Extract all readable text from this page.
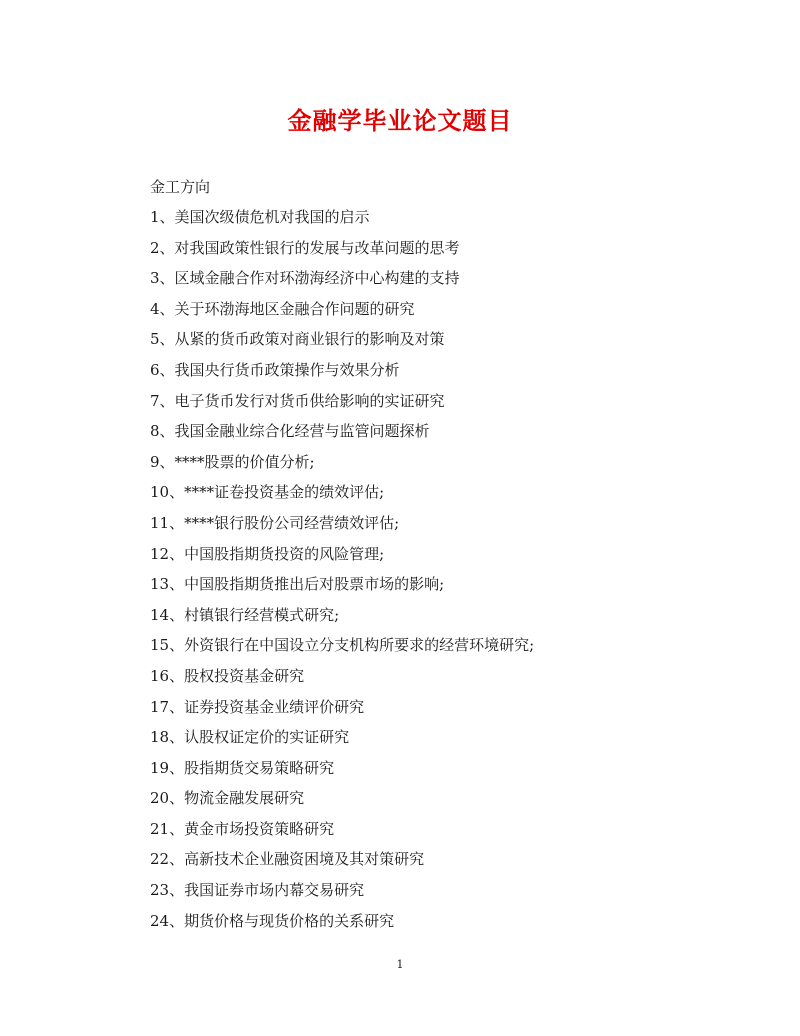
金融学毕业论文题目

金工方向

1、美国次级债危机对我国的启示
2、对我国政策性银行的发展与改革问题的思考
3、区域金融合作对环渤海经济中心构建的支持
4、关于环渤海地区金融合作问题的研究
5、从紧的货币政策对商业银行的影响及对策
6、我国央行货币政策操作与效果分析
7、电子货币发行对货币供给影响的实证研究
8、我国金融业综合化经营与监管问题探析
9、****股票的价值分析;
10、****证卷投资基金的绩效评估;
11、****银行股份公司经营绩效评估;
12、中国股指期货投资的风险管理;
13、中国股指期货推出后对股票市场的影响;
14、村镇银行经营模式研究;
15、外资银行在中国设立分支机构所要求的经营环境研究;
16、股权投资基金研究
17、证券投资基金业绩评价研究
18、认股权证定价的实证研究
19、股指期货交易策略研究
20、物流金融发展研究
21、黄金市场投资策略研究
22、高新技术企业融资困境及其对策研究
23、我国证券市场内幕交易研究
24、期货价格与现货价格的关系研究
1
